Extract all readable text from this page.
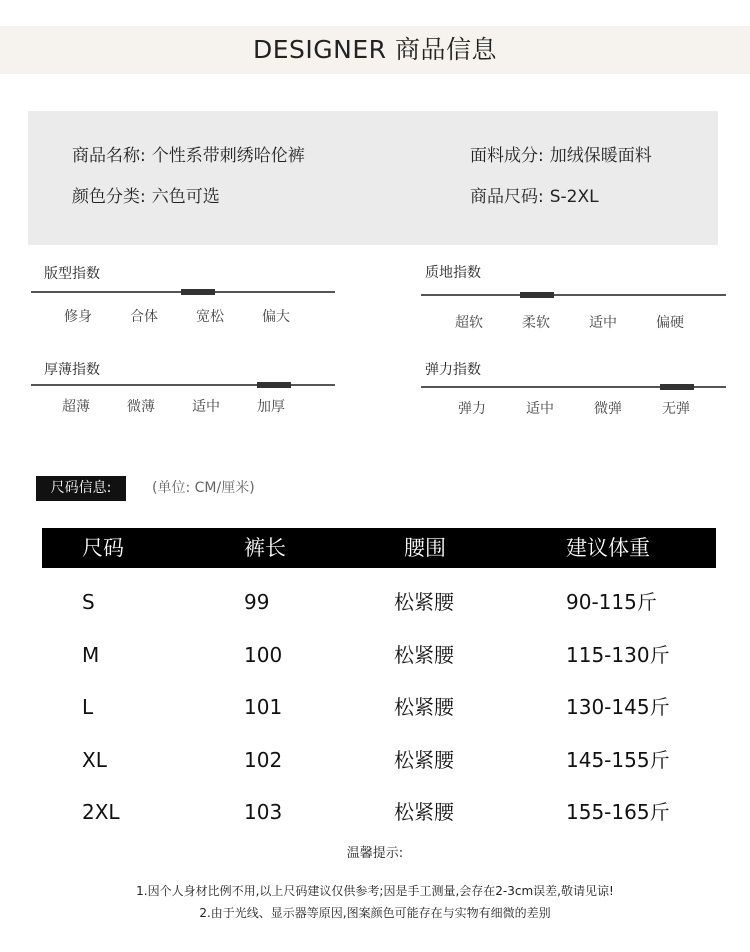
DESIGNER 商品信息
商品名称: 个性系带刺绣哈伦裤	面料成分: 加绒保暖面料
颜色分类: 六色可选	商品尺码: S-2XL
版型指数
修身	合体	宽松	偏大
质地指数
超软	柔软	适中	偏硬
厚薄指数
超薄	微薄	适中	加厚
弹力指数
弹力	适中	微弹	无弹
尺码信息:	(单位: CM/厘米)
尺码	裤长	腰围	建议体重
S	99	松紧腰	90-115斤
M	100	松紧腰	115-130斤
L	101	松紧腰	130-145斤
XL	102	松紧腰	145-155斤
2XL	103	松紧腰	155-165斤
温馨提示:
1.因个人身材比例不用,以上尺码建议仅供参考;因是手工测量,会存在2-3cm误差,敬请见谅!
2.由于光线、显示器等原因,图案颜色可能存在与实物有细微的差别
